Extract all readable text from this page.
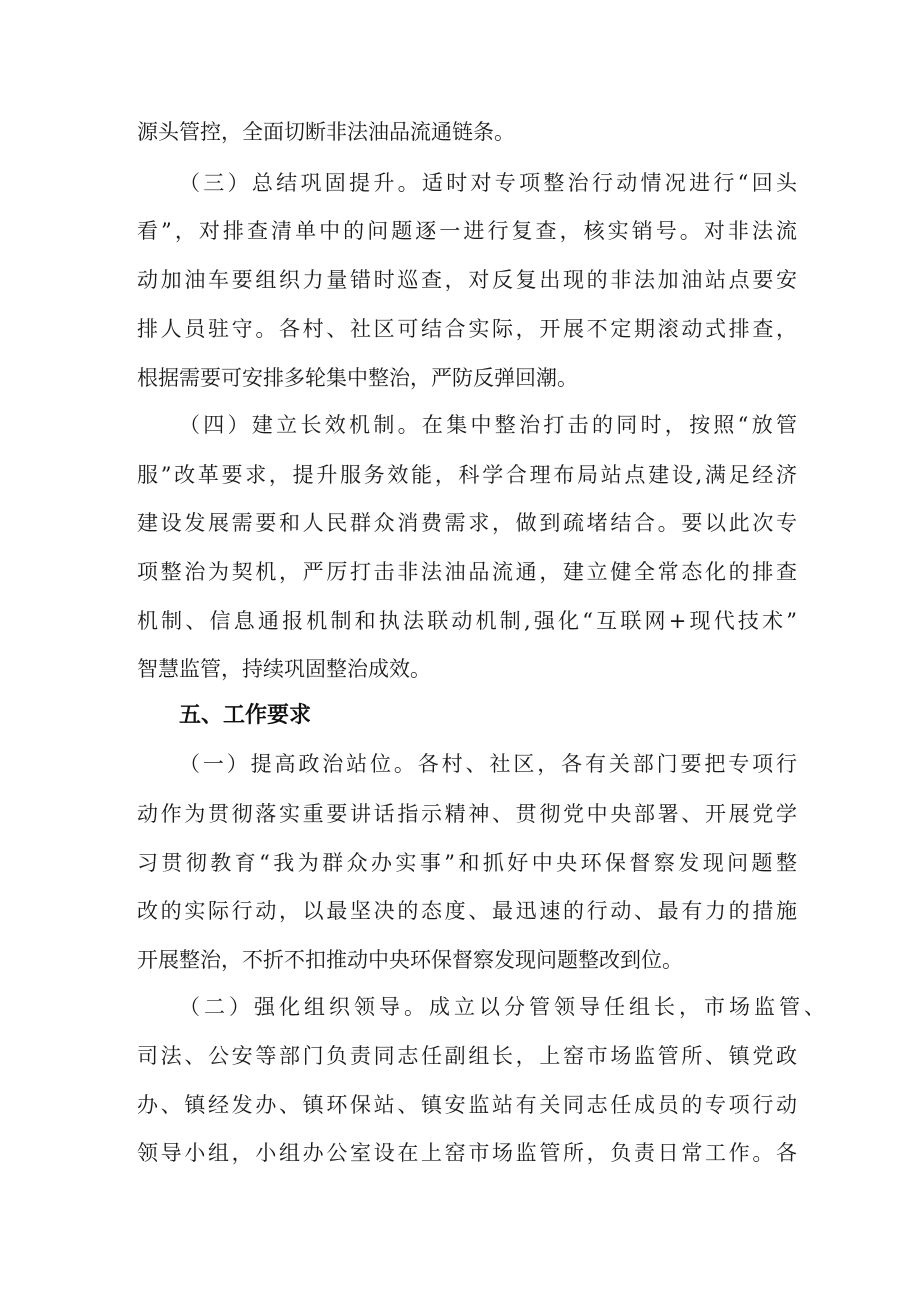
源头管控，全面切断非法油品流通链条。
（三）总结巩固提升。适时对专项整治行动情况进行“回头
看”，对排查清单中的问题逐一进行复查，核实销号。对非法流
动加油车要组织力量错时巡查，对反复出现的非法加油站点要安
排人员驻守。各村、社区可结合实际，开展不定期滚动式排查，
根据需要可安排多轮集中整治，严防反弹回潮。
（四）建立长效机制。在集中整治打击的同时，按照“放管
服”改革要求，提升服务效能，科学合理布局站点建设,满足经济
建设发展需要和人民群众消费需求，做到疏堵结合。要以此次专
项整治为契机，严厉打击非法油品流通，建立健全常态化的排查
机制、信息通报机制和执法联动机制,强化“互联网+现代技术”
智慧监管，持续巩固整治成效。
五、工作要求
（一）提高政治站位。各村、社区，各有关部门要把专项行
动作为贯彻落实重要讲话指示精神、贯彻党中央部署、开展党学
习贯彻教育“我为群众办实事”和抓好中央环保督察发现问题整
改的实际行动，以最坚决的态度、最迅速的行动、最有力的措施
开展整治，不折不扣推动中央环保督察发现问题整改到位。
（二）强化组织领导。成立以分管领导任组长，市场监管、
司法、公安等部门负责同志任副组长，上窑市场监管所、镇党政
办、镇经发办、镇环保站、镇安监站有关同志任成员的专项行动
领导小组，小组办公室设在上窑市场监管所，负责日常工作。各
